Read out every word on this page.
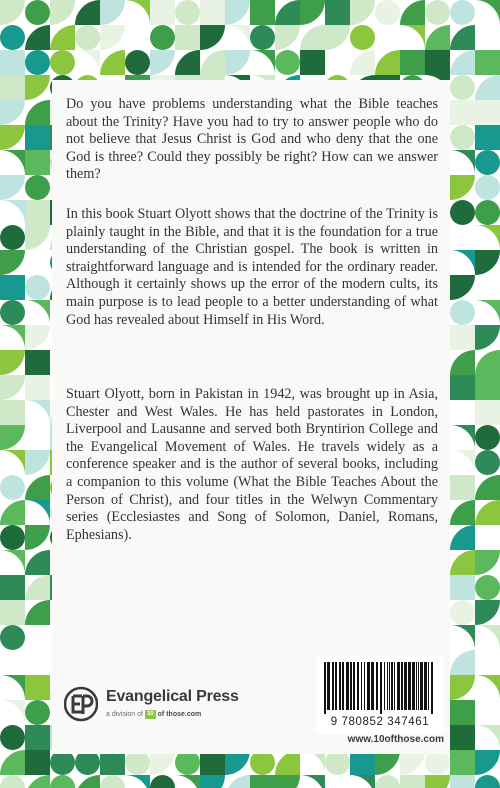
Do you have problems understanding what the Bible teaches about the Trinity? Have you had to try to answer people who do not believe that Jesus Christ is God and who deny that the one God is three? Could they possibly be right? How can we answer them?

In this book Stuart Olyott shows that the doctrine of the Trinity is plainly taught in the Bible, and that it is the foundation for a true understanding of the Christian gospel. The book is written in straightforward language and is intended for the ordinary reader. Although it certainly shows up the error of the modern cults, its main purpose is to lead people to a better understanding of what God has revealed about Himself in His Word.

Stuart Olyott, born in Pakistan in 1942, was brought up in Asia, Chester and West Wales. He has held pastorates in London, Liverpool and Lausanne and served both Bryntirion College and the Evangelical Movement of Wales. He travels widely as a conference speaker and is the author of several books, including a companion to this volume (What the Bible Teaches About the Person of Christ), and four titles in the Welwyn Commentary series (Ecclesiastes and Song of Solomon, Daniel, Romans, Ephesians).

Evangelical Press
a division of 10 of those.com
9 780852 347461
www.10ofthose.com
